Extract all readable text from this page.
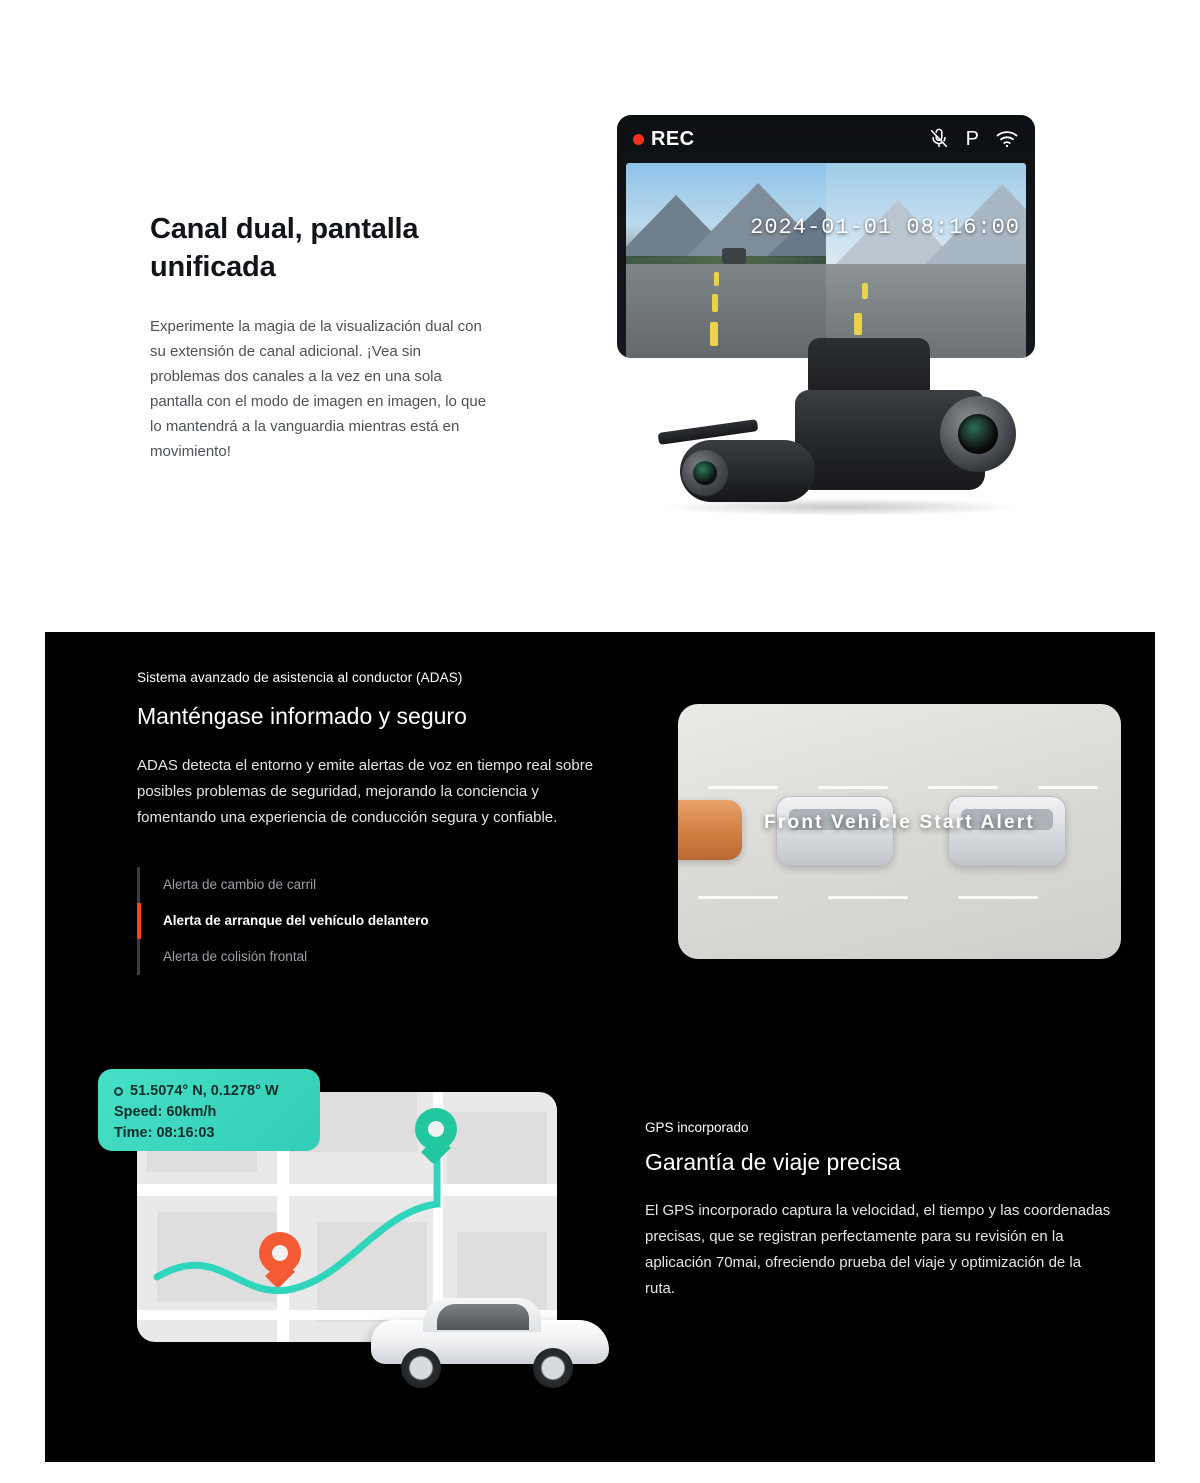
Canal dual, pantalla unificada

Experimente la magia de la visualización dual con su extensión de canal adicional. ¡Vea sin problemas dos canales a la vez en una sola pantalla con el modo de imagen en imagen, lo que lo mantendrá a la vanguardia mientras está en movimiento!

REC	P
2024-01-01 08:16:00
Sistema avanzado de asistencia al conductor (ADAS)
Manténgase informado y seguro

ADAS detecta el entorno y emite alertas de voz en tiempo real sobre posibles problemas de seguridad, mejorando la conciencia y fomentando una experiencia de conducción segura y confiable.

Alerta de cambio de carril
Alerta de arranque del vehículo delantero
Alerta de colisión frontal
Front Vehicle Start Alert
51.5074° N, 0.1278° W
Speed: 60km/h
Time: 08:16:03	GPS incorporado
Garantía de viaje precisa

El GPS incorporado captura la velocidad, el tiempo y las coordenadas precisas, que se registran perfectamente para su revisión en la aplicación 70mai, ofreciendo prueba del viaje y optimización de la ruta.
